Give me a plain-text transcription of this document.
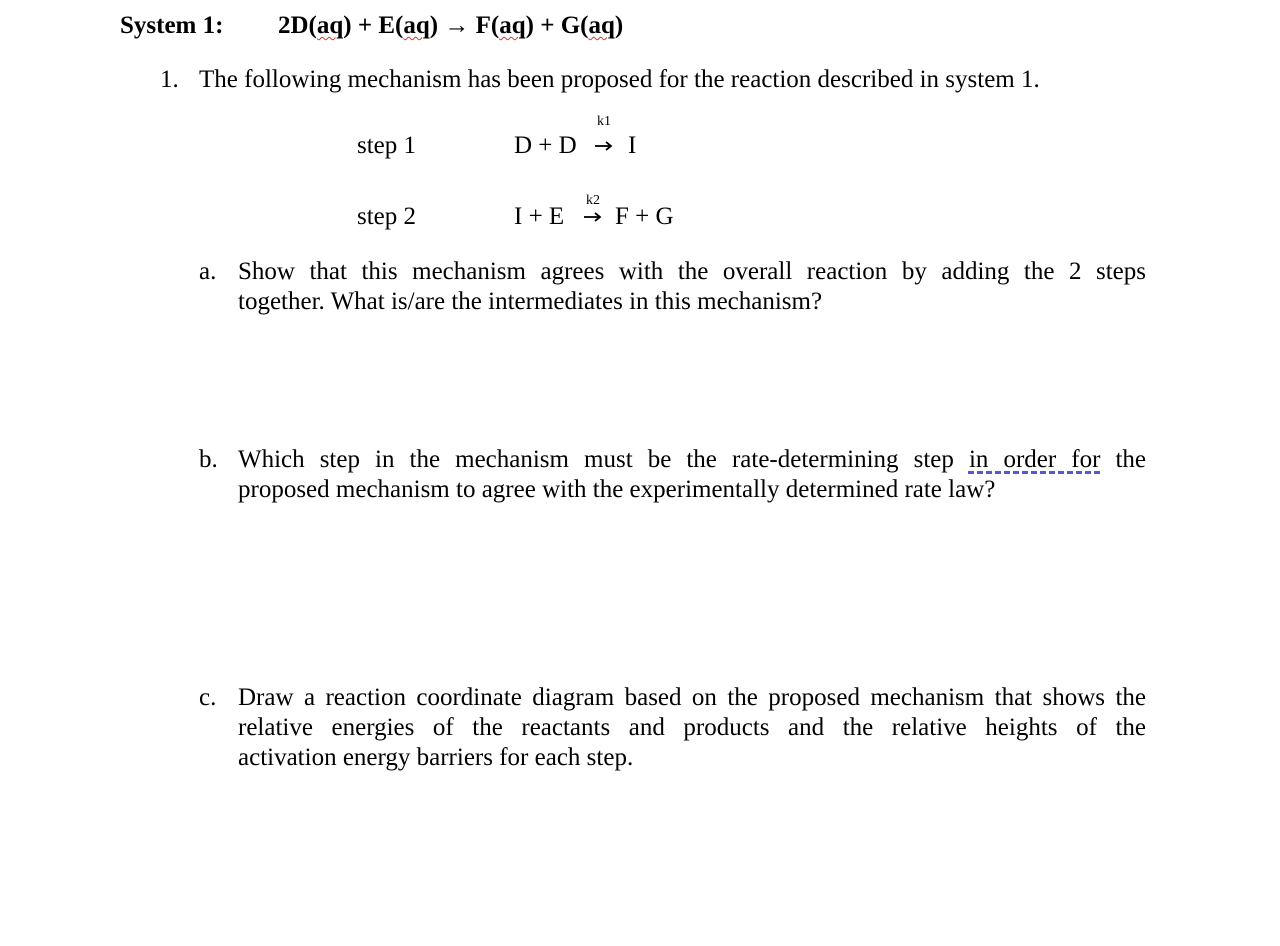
System 1: 2D(aq) + E(aq) → F(aq) + G(aq)
1. The following mechanism has been proposed for the reaction described in system 1.
step 1	D + D
k1
I
step 2	I + E
k2
F + G
a. Show that this mechanism agrees with the overall reaction by adding the 2 steps
together. What is/are the intermediates in this mechanism?
b. Which step in the mechanism must be the rate-determining step in order for the
proposed mechanism to agree with the experimentally determined rate law?
c. Draw a reaction coordinate diagram based on the proposed mechanism that shows the
relative energies of the reactants and products and the relative heights of the
activation energy barriers for each step.
